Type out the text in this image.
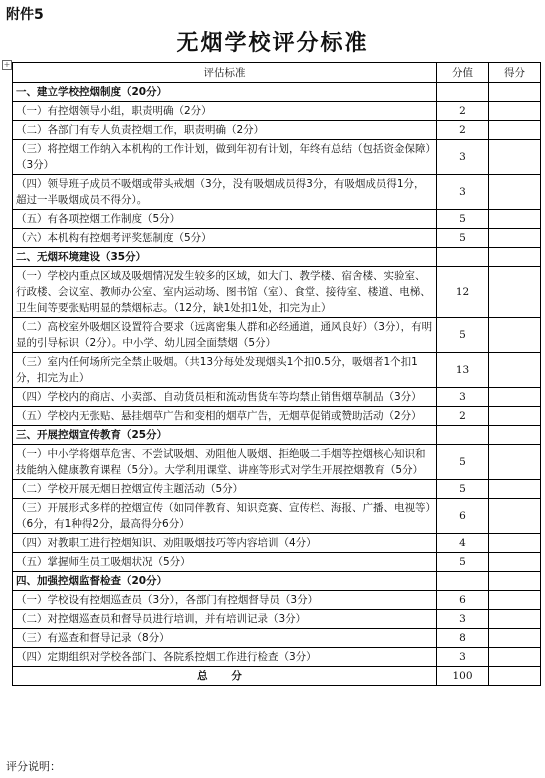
附件5
无烟学校评分标准
+
评估标准	分值	得分
一、建立学校控烟制度（20分）		
（一）有控烟领导小组，职责明确（2分）	2	
（二）各部门有专人负责控烟工作，职责明确（2分）	2	
（三）将控烟工作纳入本机构的工作计划，做到年初有计划，年终有总结（包括资金保障）（3分）	3	
（四）领导班子成员不吸烟或带头戒烟（3分，没有吸烟成员得3分，有吸烟成员得1分，超过一半吸烟成员不得分）。	3	
（五）有各项控烟工作制度（5分）	5	
（六）本机构有控烟考评奖惩制度（5分）	5	
二、无烟环境建设（35分）		
（一）学校内重点区域及吸烟情况发生较多的区域，如大门、教学楼、宿舍楼、实验室、行政楼、会议室、教师办公室、室内运动场、图书馆（室）、食堂、接待室、楼道、电梯、卫生间等要张贴明显的禁烟标志。（12分，缺1处扣1处，扣完为止）	12	
（二）高校室外吸烟区设置符合要求（远离密集人群和必经通道，通风良好）（3分），有明显的引导标识（2分）。中小学、幼儿园全面禁烟（5分）	5	
（三）室内任何场所完全禁止吸烟。（共13分每处发现烟头1个扣0.5分，吸烟者1个扣1分，扣完为止）	13	
（四）学校内的商店、小卖部、自动货员柜和流动售货车等均禁止销售烟草制品（3分）	3	
（五）学校内无张贴、悬挂烟草广告和变相的烟草广告，无烟草促销或赞助活动（2分）	2	
三、开展控烟宣传教育（25分）		
（一）中小学将烟草危害、不尝试吸烟、劝阻他人吸烟、拒绝吸二手烟等控烟核心知识和技能纳入健康教育课程（5分）。大学利用课堂、讲座等形式对学生开展控烟教育（5分）	5	
（二）学校开展无烟日控烟宣传主题活动（5分）	5	
（三）开展形式多样的控烟宣传（如同伴教育、知识竞赛、宣传栏、海报、广播、电视等）（6分，有1种得2分，最高得分6分）	6	
（四）对教职工进行控烟知识、劝阻吸烟技巧等内容培训（4分）	4	
（五）掌握师生员工吸烟状况（5分）	5	
四、加强控烟监督检查（20分）		
（一）学校设有控烟巡查员（3分），各部门有控烟督导员（3分）	6	
（二）对控烟巡查员和督导员进行培训，并有培训记录（3分）	3	
（三）有巡查和督导记录（8分）	8	
（四）定期组织对学校各部门、各院系控烟工作进行检查（3分）	3	
总 分	100	
评分说明：
